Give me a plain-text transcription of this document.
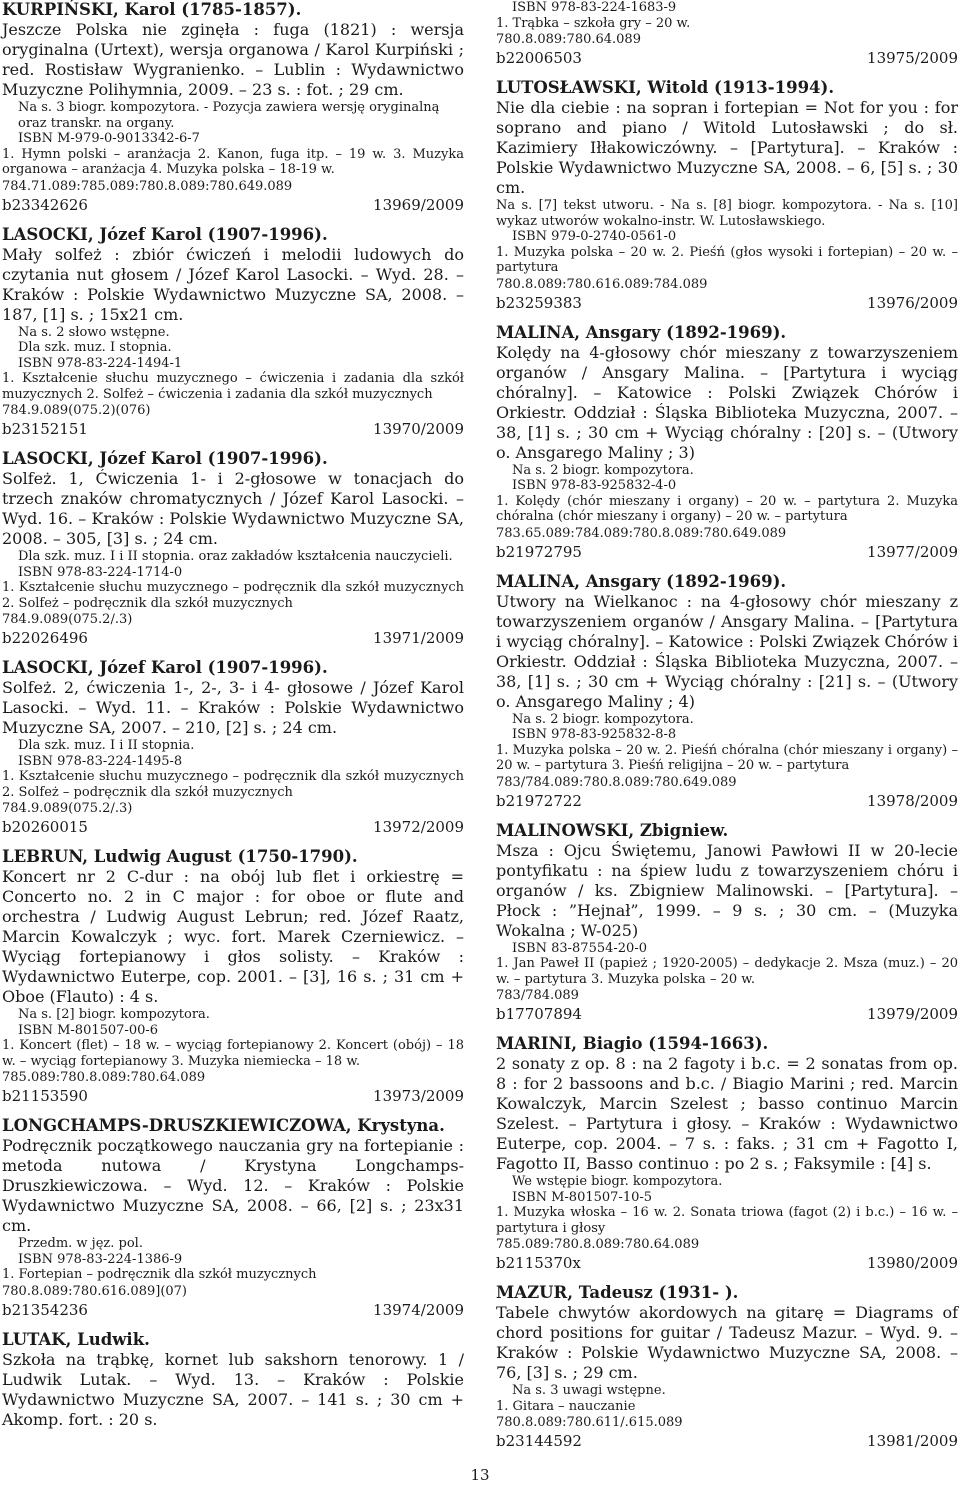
KURPIŃSKI, Karol (1785-1857).
Jeszcze Polska nie zginęła : fuga (1821) : wersja oryginalna (Urtext), wersja organowa / Karol Kurpiński ; red. Rostisław Wygranienko. – Lublin : Wydawnictwo Muzyczne Polihymnia, 2009. – 23 s. : fot. ; 29 cm.
Na s. 3 biogr. kompozytora. - Pozycja zawiera wersję oryginalną oraz transkr. na organy.
ISBN M-979-0-9013342-6-7
1. Hymn polski – aranżacja 2. Kanon, fuga itp. – 19 w. 3. Muzyka organowa – aranżacja 4. Muzyka polska – 18-19 w.
784.71.089:785.089:780.8.089:780.649.089
b23342626	13969/2009
LASOCKI, Józef Karol (1907-1996).
Mały solfeż : zbiór ćwiczeń i melodii ludowych do czytania nut głosem / Józef Karol Lasocki. – Wyd. 28. – Kraków : Polskie Wydawnictwo Muzyczne SA, 2008. – 187, [1] s. ; 15x21 cm.
Na s. 2 słowo wstępne.
Dla szk. muz. I stopnia.
ISBN 978-83-224-1494-1
1. Kształcenie słuchu muzycznego – ćwiczenia i zadania dla szkół muzycznych 2. Solfeż – ćwiczenia i zadania dla szkół muzycznych
784.9.089(075.2)(076)
b23152151	13970/2009
LASOCKI, Józef Karol (1907-1996).
Solfeż. 1, Ćwiczenia 1- i 2-głosowe w tonacjach do trzech znaków chromatycznych / Józef Karol Lasocki. – Wyd. 16. – Kraków : Polskie Wydawnictwo Muzyczne SA, 2008. – 305, [3] s. ; 24 cm.
Dla szk. muz. I i II stopnia. oraz zakładów kształcenia nauczycieli.
ISBN 978-83-224-1714-0
1. Kształcenie słuchu muzycznego – podręcznik dla szkół muzycznych 2. Solfeż – podręcznik dla szkół muzycznych
784.9.089(075.2/.3)
b22026496	13971/2009
LASOCKI, Józef Karol (1907-1996).
Solfeż. 2, ćwiczenia 1-, 2-, 3- i 4- głosowe / Józef Karol Lasocki. – Wyd. 11. – Kraków : Polskie Wydawnictwo Muzyczne SA, 2007. – 210, [2] s. ; 24 cm.
Dla szk. muz. I i II stopnia.
ISBN 978-83-224-1495-8
1. Kształcenie słuchu muzycznego – podręcznik dla szkół muzycznych 2. Solfeż – podręcznik dla szkół muzycznych
784.9.089(075.2/.3)
b20260015	13972/2009
LEBRUN, Ludwig August (1750-1790).
Koncert nr 2 C-dur : na obój lub flet i orkiestrę = Concerto no. 2 in C major : for oboe or flute and orchestra / Ludwig August Lebrun; red. Józef Raatz, Marcin Kowalczyk ; wyc. fort. Marek Czerniewicz. – Wyciąg fortepianowy i głos solisty. – Kraków : Wydawnictwo Euterpe, cop. 2001. – [3], 16 s. ; 31 cm + Oboe (Flauto) : 4 s.
Na s. [2] biogr. kompozytora.
ISBN M-801507-00-6
1. Koncert (flet) – 18 w. – wyciąg fortepianowy 2. Koncert (obój) – 18 w. – wyciąg fortepianowy 3. Muzyka niemiecka – 18 w.
785.089:780.8.089:780.64.089
b21153590	13973/2009
LONGCHAMPS-DRUSZKIEWICZOWA, Krystyna.
Podręcznik początkowego nauczania gry na fortepianie : metoda nutowa / Krystyna Longchamps-Druszkiewiczowa. – Wyd. 12. – Kraków : Polskie Wydawnictwo Muzyczne SA, 2008. – 66, [2] s. ; 23x31 cm.
Przedm. w jęz. pol.
ISBN 978-83-224-1386-9
1. Fortepian – podręcznik dla szkół muzycznych
780.8.089:780.616.089](07)
b21354236	13974/2009
LUTAK, Ludwik.
Szkoła na trąbkę, kornet lub sakshorn tenorowy. 1 / Ludwik Lutak. – Wyd. 13. – Kraków : Polskie Wydawnictwo Muzyczne SA, 2007. – 141 s. ; 30 cm + Akomp. fort. : 20 s.
ISBN 978-83-224-1683-9
1. Trąbka – szkoła gry – 20 w.
780.8.089:780.64.089
b22006503	13975/2009
LUTOSŁAWSKI, Witold (1913-1994).
Nie dla ciebie : na sopran i fortepian = Not for you : for soprano and piano / Witold Lutosławski ; do sł. Kazimiery Iłłakowiczówny. – [Partytura]. – Kraków : Polskie Wydawnictwo Muzyczne SA, 2008. – 6, [5] s. ; 30 cm.
Na s. [7] tekst utworu. - Na s. [8] biogr. kompozytora. - Na s. [10] wykaz utworów wokalno-instr. W. Lutosławskiego.
ISBN 979-0-2740-0561-0
1. Muzyka polska – 20 w. 2. Pieśń (głos wysoki i fortepian) – 20 w. – partytura
780.8.089:780.616.089:784.089
b23259383	13976/2009
MALINA, Ansgary (1892-1969).
Kolędy na 4-głosowy chór mieszany z towarzyszeniem organów / Ansgary Malina. – [Partytura i wyciąg chóralny]. – Katowice : Polski Związek Chórów i Orkiestr. Oddział : Śląska Biblioteka Muzyczna, 2007. – 38, [1] s. ; 30 cm + Wyciąg chóralny : [20] s. – (Utwory o. Ansgarego Maliny ; 3)
Na s. 2 biogr. kompozytora.
ISBN 978-83-925832-4-0
1. Kolędy (chór mieszany i organy) – 20 w. – partytura 2. Muzyka chóralna (chór mieszany i organy) – 20 w. – partytura
783.65.089:784.089:780.8.089:780.649.089
b21972795	13977/2009
MALINA, Ansgary (1892-1969).
Utwory na Wielkanoc : na 4-głosowy chór mieszany z towarzyszeniem organów / Ansgary Malina. – [Partytura i wyciąg chóralny]. – Katowice : Polski Związek Chórów i Orkiestr. Oddział : Śląska Biblioteka Muzyczna, 2007. – 38, [1] s. ; 30 cm + Wyciąg chóralny : [21] s. – (Utwory o. Ansgarego Maliny ; 4)
Na s. 2 biogr. kompozytora.
ISBN 978-83-925832-8-8
1. Muzyka polska – 20 w. 2. Pieśń chóralna (chór mieszany i organy) – 20 w. – partytura 3. Pieśń religijna – 20 w. – partytura
783/784.089:780.8.089:780.649.089
b21972722	13978/2009
MALINOWSKI, Zbigniew.
Msza : Ojcu Świętemu, Janowi Pawłowi II w 20-lecie pontyfikatu : na śpiew ludu z towarzyszeniem chóru i organów / ks. Zbigniew Malinowski. – [Partytura]. – Płock : ”Hejnał”, 1999. – 9 s. ; 30 cm. – (Muzyka Wokalna ; W-025)
ISBN 83-87554-20-0
1. Jan Paweł II (papież ; 1920-2005) – dedykacje 2. Msza (muz.) – 20 w. – partytura 3. Muzyka polska – 20 w.
783/784.089
b17707894	13979/2009
MARINI, Biagio (1594-1663).
2 sonaty z op. 8 : na 2 fagoty i b.c. = 2 sonatas from op. 8 : for 2 bassoons and b.c. / Biagio Marini ; red. Marcin Kowalczyk, Marcin Szelest ; basso continuo Marcin Szelest. – Partytura i głosy. – Kraków : Wydawnictwo Euterpe, cop. 2004. – 7 s. : faks. ; 31 cm + Fagotto I, Fagotto II, Basso continuo : po 2 s. ; Faksymile : [4] s.
We wstępie biogr. kompozytora.
ISBN M-801507-10-5
1. Muzyka włoska – 16 w. 2. Sonata triowa (fagot (2) i b.c.) – 16 w. – partytura i głosy
785.089:780.8.089:780.64.089
b2115370x	13980/2009
MAZUR, Tadeusz (1931- ).
Tabele chwytów akordowych na gitarę = Diagrams of chord positions for guitar / Tadeusz Mazur. – Wyd. 9. – Kraków : Polskie Wydawnictwo Muzyczne SA, 2008. – 76, [3] s. ; 29 cm.
Na s. 3 uwagi wstępne.
1. Gitara – nauczanie
780.8.089:780.611/.615.089
b23144592	13981/2009
13
